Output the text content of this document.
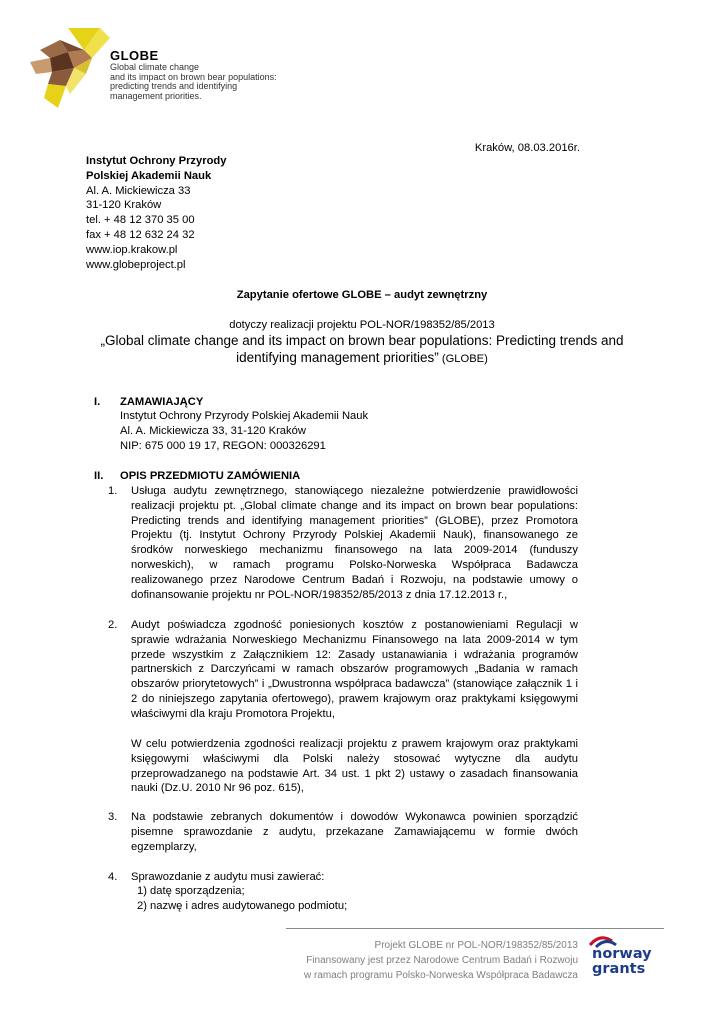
GLOBE
Global climate change
and its impact on brown bear populations:
predicting trends and identifying
management priorities.
Kraków, 08.03.2016r.
Instytut Ochrony Przyrody
Polskiej Akademii Nauk
Al. A. Mickiewicza 33
31-120 Kraków
tel. + 48 12 370 35 00
fax + 48 12 632 24 32
www.iop.krakow.pl
www.globeproject.pl
Zapytanie ofertowe GLOBE – audyt zewnętrzny
dotyczy realizacji projektu POL-NOR/198352/85/2013
„Global climate change and its impact on brown bear populations: Predicting trends and
identifying management priorities” (GLOBE)
I. ZAMAWIAJĄCY
Instytut Ochrony Przyrody Polskiej Akademii Nauk
Al. A. Mickiewicza 33, 31-120 Kraków
NIP: 675 000 19 17, REGON: 000326291
II. OPIS PRZEDMIOTU ZAMÓWIENIA
1. Usługa audytu zewnętrznego, stanowiącego niezależne potwierdzenie prawidłowości realizacji projektu pt. „Global climate change and its impact on brown bear populations: Predicting trends and identifying management priorities” (GLOBE), przez Promotora Projektu (tj. Instytut Ochrony Przyrody Polskiej Akademii Nauk), finansowanego ze środków norweskiego mechanizmu finansowego na lata 2009-2014 (funduszy norweskich), w ramach programu Polsko-Norweska Współpraca Badawcza realizowanego przez Narodowe Centrum Badań i Rozwoju, na podstawie umowy o dofinansowanie projektu nr POL-NOR/198352/85/2013 z dnia 17.12.2013 r.,
2. Audyt poświadcza zgodność poniesionych kosztów z postanowieniami Regulacji w sprawie wdrażania Norweskiego Mechanizmu Finansowego na lata 2009-2014 w tym przede wszystkim z Załącznikiem 12: Zasady ustanawiania i wdrażania programów partnerskich z Darczyńcami w ramach obszarów programowych „Badania w ramach obszarów priorytetowych” i „Dwustronna współpraca badawcza” (stanowiące załącznik 1 i 2 do niniejszego zapytania ofertowego), prawem krajowym oraz praktykami księgowymi właściwymi dla kraju Promotora Projektu,
W celu potwierdzenia zgodności realizacji projektu z prawem krajowym oraz praktykami księgowymi właściwymi dla Polski należy stosować wytyczne dla audytu przeprowadzanego na podstawie Art. 34 ust. 1 pkt 2) ustawy o zasadach finansowania nauki (Dz.U. 2010 Nr 96 poz. 615),
3. Na podstawie zebranych dokumentów i dowodów Wykonawca powinien sporządzić pisemne sprawozdanie z audytu, przekazane Zamawiającemu w formie dwóch egzemplarzy,
4. Sprawozdanie z audytu musi zawierać:
1) datę sporządzenia;
2) nazwę i adres audytowanego podmiotu;
Projekt GLOBE nr POL-NOR/198352/85/2013
Finansowany jest przez Narodowe Centrum Badań i Rozwoju
w ramach programu Polsko-Norweska Współpraca Badawcza
norway
grants
